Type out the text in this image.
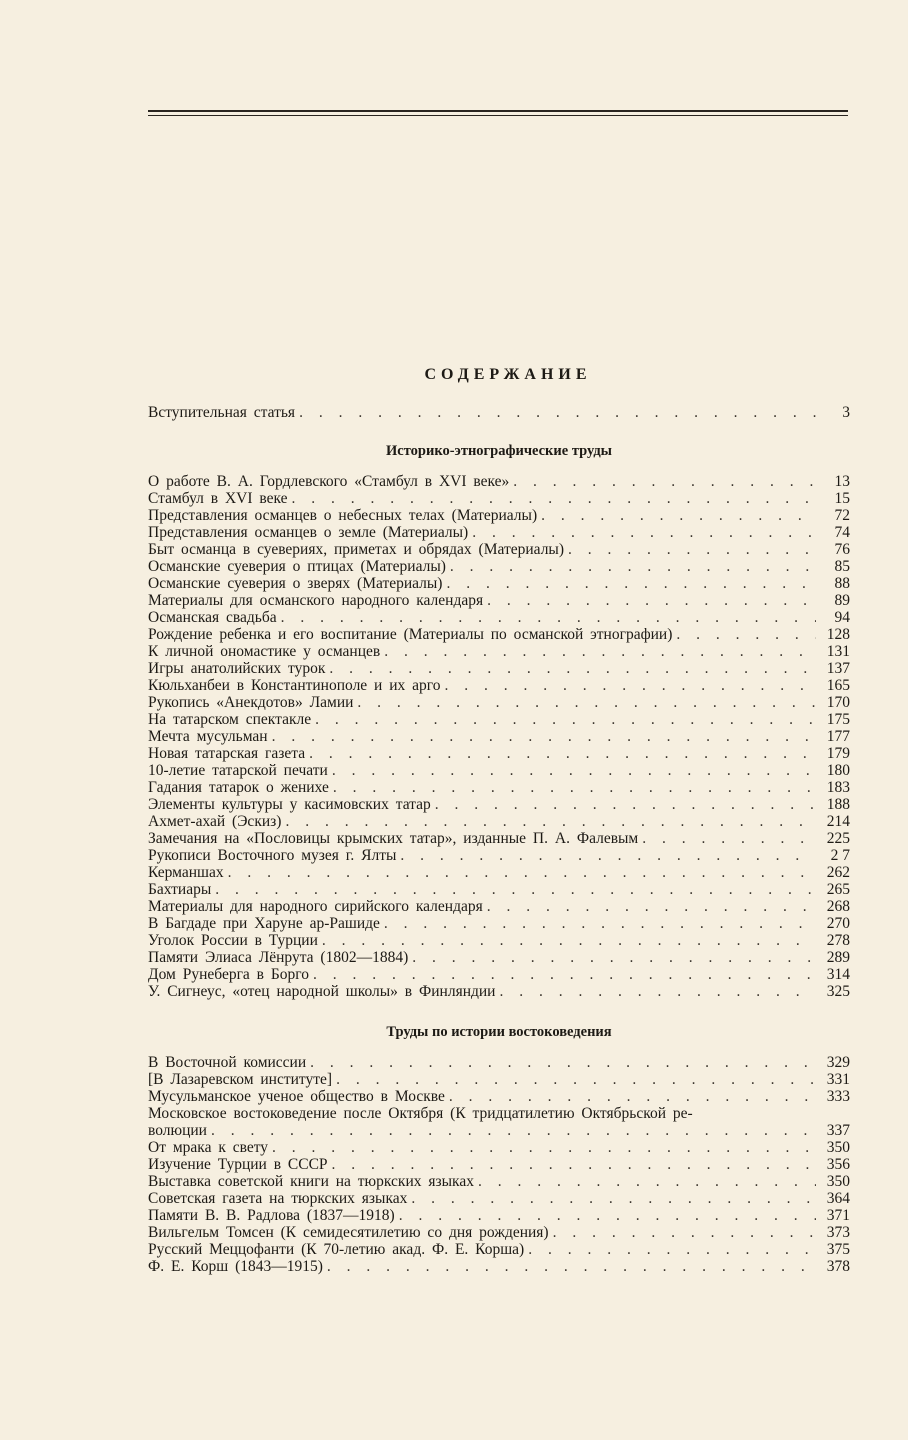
СОДЕРЖАНИЕ
Вступительная статья . . .	3
Историко-этнографические труды
О работе В. А. Гордлевского «Стамбул в XVI веке» . . .	13
Стамбул в XVI веке . . .	15
Представления османцев о небесных телах (Материалы) . . .	72
Представления османцев о земле (Материалы) . . .	74
Быт османца в суевериях, приметах и обрядах (Материалы) . . .	76
Османские суеверия о птицах (Материалы) . . .	85
Османские суеверия о зверях (Материалы) . . .	88
Материалы для османского народного календаря . . .	89
Османская свадьба . . .	94
Рождение ребенка и его воспитание (Материалы по османской этнографии) . . .	128
К личной ономастике у османцев . . .	131
Игры анатолийских турок . . .	137
Кюльханбеи в Константинополе и их арго . . .	165
Рукопись «Анекдотов» Ламии . . .	170
На татарском спектакле . . .	175
Мечта мусульман . . .	177
Новая татарская газета . . .	179
10-летие татарской печати . . .	180
Гадания татарок о женихе . . .	183
Элементы культуры у касимовских татар . . .	188
Ахмет-ахай (Эскиз) . . .	214
Замечания на «Пословицы крымских татар», изданные П. А. Фалевым . . .	225
Рукописи Восточного музея г. Ялты . . .	2 7
Керманшах . . .	262
Бахтиары . . .	265
Материалы для народного сирийского календаря . . .	268
В Багдаде при Харуне ар-Рашиде . . .	270
Уголок России в Турции . . .	278
Памяти Элиаса Лёнрута (1802—1884) . . .	289
Дом Рунеберга в Борго . . .	314
У. Сигнеус, «отец народной школы» в Финляндии . . .	325
Труды по истории востоковедения
В Восточной комиссии . . .	329
[В Лазаревском институте] . . .	331
Мусульманское ученое общество в Москве . . .	333
Московское востоковедение после Октября (К тридцатилетию Октябрьской ре-
волюции . . .	337
От мрака к свету . . .	350
Изучение Турции в СССР . . .	356
Выставка советской книги на тюркских языках . . .	350
Советская газета на тюркских языках . . .	364
Памяти В. В. Радлова (1837—1918) . . .	371
Вильгельм Томсен (К семидесятилетию со дня рождения) . . .	373
Русский Меццофанти (К 70-летию акад. Ф. Е. Корша) . . .	375
Ф. Е. Корш (1843—1915) . . .	378
